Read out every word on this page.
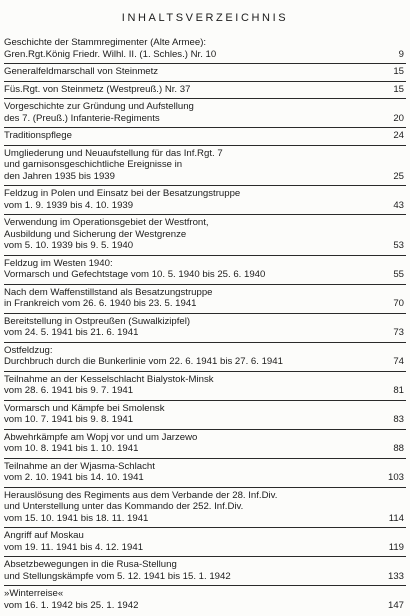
INHALTSVERZEICHNIS
Geschichte der Stammregimenter (Alte Armee):
Gren.Rgt.König Friedr. Wilhl. II. (1. Schles.) Nr. 10	9
Generalfeldmarschall von Steinmetz	15
Füs.Rgt. von Steinmetz (Westpreuß.) Nr. 37	15
Vorgeschichte zur Gründung und Aufstellung
des 7. (Preuß.) Infanterie-Regiments	20
Traditionspflege	24
Umgliederung und Neuaufstellung für das Inf.Rgt. 7
und garnisonsgeschichtliche Ereignisse in
den Jahren 1935 bis 1939	25
Feldzug in Polen und Einsatz bei der Besatzungstruppe
vom 1. 9. 1939 bis 4. 10. 1939	43
Verwendung im Operationsgebiet der Westfront,
Ausbildung und Sicherung der Westgrenze
vom 5. 10. 1939 bis 9. 5. 1940	53
Feldzug im Westen 1940:
Vormarsch und Gefechtstage vom 10. 5. 1940 bis 25. 6. 1940	55
Nach dem Waffenstillstand als Besatzungstruppe
in Frankreich vom 26. 6. 1940 bis 23. 5. 1941	70
Bereitstellung in Ostpreußen (Suwalkizipfel)
vom 24. 5. 1941 bis 21. 6. 1941	73
Ostfeldzug:
Durchbruch durch die Bunkerlinie vom 22. 6. 1941 bis 27. 6. 1941	74
Teilnahme an der Kesselschlacht Bialystok-Minsk
vom 28. 6. 1941 bis 9. 7. 1941	81
Vormarsch und Kämpfe bei Smolensk
vom 10. 7. 1941 bis 9. 8. 1941	83
Abwehrkämpfe am Wopj vor und um Jarzewo
vom 10. 8. 1941 bis 1. 10. 1941	88
Teilnahme an der Wjasma-Schlacht
vom 2. 10. 1941 bis 14. 10. 1941	103
Herauslösung des Regiments aus dem Verbande der 28. Inf.Div.
und Unterstellung unter das Kommando der 252. Inf.Div.
vom 15. 10. 1941 bis 18. 11. 1941	114
Angriff auf Moskau
vom 19. 11. 1941 bis 4. 12. 1941	119
Absetzbewegungen in die Rusa-Stellung
und Stellungskämpfe vom 5. 12. 1941 bis 15. 1. 1942	133
»Winterreise«
vom 16. 1. 1942 bis 25. 1. 1942	147
